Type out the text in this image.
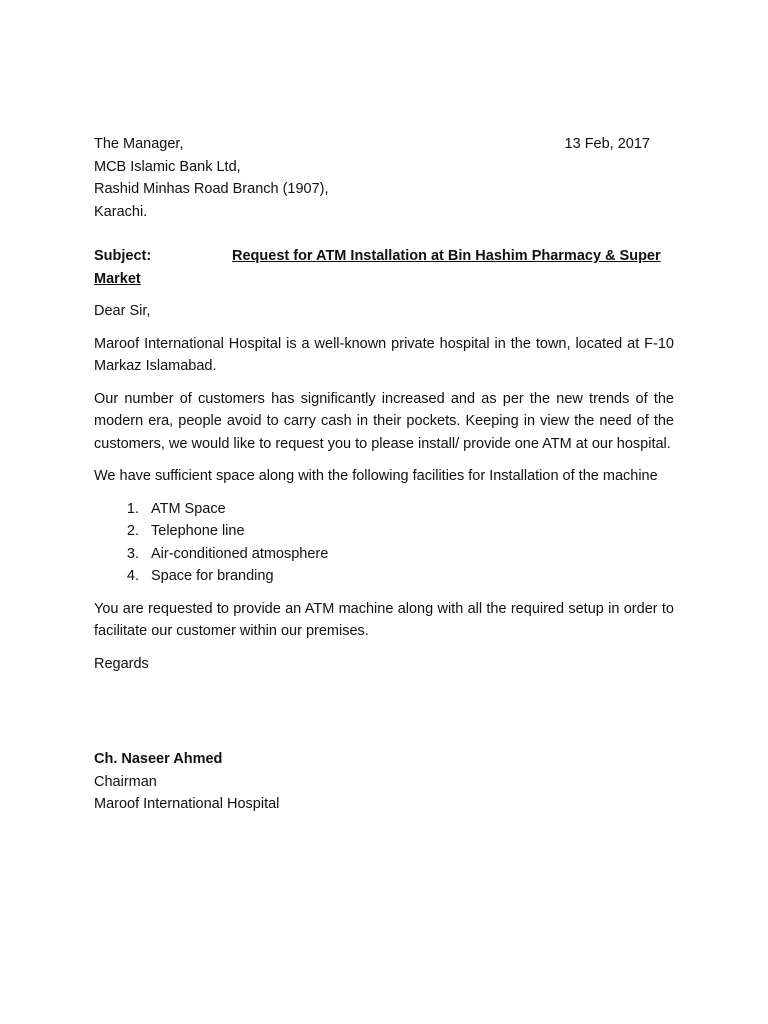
The Manager,
MCB Islamic Bank Ltd,
Rashid Minhas Road Branch (1907),
Karachi.
13 Feb, 2017
Subject:	Request for ATM Installation at Bin Hashim Pharmacy & Super Market
Dear Sir,
Maroof International Hospital is a well-known private hospital in the town, located at F-10 Markaz Islamabad.
Our number of customers has significantly increased and as per the new trends of the modern era, people avoid to carry cash in their pockets. Keeping in view the need of the customers, we would like to request you to please install/ provide one ATM at our hospital.
We have sufficient space along with the following facilities for Installation of the machine
1. ATM Space
2. Telephone line
3. Air-conditioned atmosphere
4. Space for branding
You are requested to provide an ATM machine along with all the required setup in order to facilitate our customer within our premises.
Regards
Ch. Naseer Ahmed
Chairman
Maroof International Hospital
